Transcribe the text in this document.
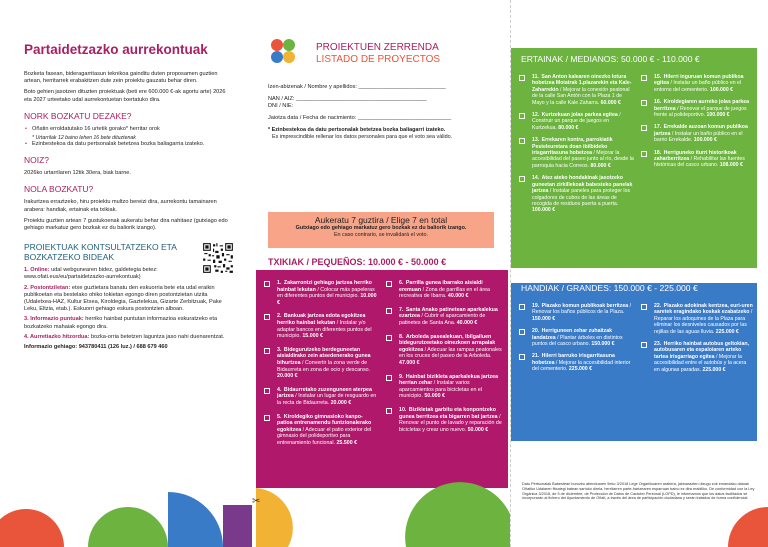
Partaidetzazko aurrekontuak
Bozketa fasean, bideragarritasun teknikoa gainditu duten proposamen guztien artean, herritarrek erabakitzen dute zein proiektu gauzatu behar diren.
Boto gehien jasotzen dituzten proiektuak (beti ere 600.000 €-ak agortu arte) 2026 eta 2027 urteetako udal aurrekontuetan txertatuko dira.
NORK BOZKATU DEZAKE?
• Oñatin erroldatutako 16 urtetik gorako* herritar orok
* Urtarrilak 12 baino lehen 16 bete dituztenak
• Ezinbestekoa da datu pertsonalak betetzea bozka baliagarria izateko.
NOIZ?
2026ko urtarrilaren 12tik 30era, biak barne.
NOLA BOZKATU?
Irakurtzea erraztzeko, hiru proiektu multzo bereizi dira, aurrekontu tamainaren arabera: handiak, ertainak eta txikiak.
Proiektu guztien artean 7 gustukoenak aukeratu behar dira nahitaez (gutxiago edo gehiago markatuz gero bozkak ez du baliorik izango).
PROIEKTUAK KONTSULTATZEKO ETA BOZKATZEKO BIDEAK
1. Online: udal webgunearen bidez, galdetegia betez: www.ofati.eus/eu/partaidetzazko-aurrekontuak)
2. Postontziletan: etxe guztietara banatu den eskuorria bete eta udal eraikin publikoetan eta bestelako ohiko tokietan egongo diren postontzietan utzita (Udaletxea-HAZ, Kultur Etxea, Kiroldegia, Gaztelekua, Gizarte Zerbitzuak, Pake Leku, Eltzia, etab.). Eskuorri gehiago eskura postontzien alboan.
3. Informazio puntuak: herriko hainbat puntutan informazioa eskuratzeko eta bozkatzeko mahaiak egongo dira.
4. Aurretiazko hitzordua: bozka-orria betetzen laguntza jaso nahi duenarentzat.
Informazio gehiago: 943780411 (126 luz.) / 688 679 460
PROIEKTUEN ZERRENDA
LISTADO DE PROYECTOS
Izen-abizenak / Nombre y apellidos: ____________________________
NAN / AIZ: __________________________________________
DNI / NIE:
Jaiotza data / Fecha de nacimiento: ______________________________
* Ezinbestekoa da datu pertsonalak betetzea bozka baliagarri izateko.
Es imprescindible rellenar los datos personales para que el voto sea válido.
Aukeratu 7 guztira / Elige 7 en total
Gutxiago edo gehiago markatuz gero bozkak ez du baliorik izango.
En caso contrario, se invalidará el voto.
TXIKIAK / PEQUEÑOS: 10.000 € - 50.000 €
1. Zakarrontzi gehiago jartzea herriko hainbat lekutan / Colocar más papeleras en diferentes puntos del municipio. 10.000 €
2. Bankuak jartzea edota egokitzea herriko hainbat lekutan / Instalar y/o adaptar bancos en diferentes puntos del municipio. 15.000 €
3. Bidegurutzeko berdeguneetan aisialdirako zein atsedenerako gunea bihurtzea / Convertir la zona verde de Bidaurreta en zona de ocio y descanso. 20.000 €
4. Bidaurretako zuzenguneen aterpea jartzea / Instalar un lugar de resguardo en la recta de Bidaurreta. 20.000 €
5. Kiroldegiko gimnasioko kanpo-patioa entrenamendu funtzionalerako egokitzea / Adecuar el patio exterior del gimnasio del polideportivo para entrenamiento funcional. 25.500 €
6. Parrilla gunea ibarrako aisialdi eremuan / Zona de parrillas en el área recreativa de Ibarra. 40.000 €
7. Santa Anako patinetean aparkalekua ezartzea / Cubrir el aparcamiento de patinetes de Santa Ana. 40.000 €
8. Arboleda pasealekuan, ibilgailuen bidegurutzeetako oinezkoen arrapalak egokitzea / Adecuar las rampas peatonales en los cruces del paseo de la Arboleda. 47.000 €
9. Hainbat bizikleta aparkalekua jartzea herrian zehar / Instalar varios aparcamientos para bicicletas en el municipio. 50.000 €
10. Bizikletak garbitu eta konpontzeko gunea berritzea eta bigarren bat jartzea / Renovar el punto de lavado y reparación de bicicletas y crear uno nuevo. 50.000 €
✂
ERTAINAK / MEDIANOS: 50.000 € - 110.000 €
11. San Anton kalearen oinezko lotura hobetzea Moiatrak 1.plazarekin eta Kale-Zaharrekin / Mejorar la conexión peatonal de la calle San Antón con la Plaza 1 de Mayo y la calle Kale Zaharra. 60.000 €
12. Kurtzekuan jolas parkea egitea / Construir un parque de juegos en Kurtzekua. 80.000 €
13. Errekaren kontra, parrokiatik Pesteleuretara doan ibilbideko irisgarritasuna hobetzea / Mejorar la accesibilidad del paseo junto al río, desde la parroquia hacia Correos. 80.000 €
14. Atez ateko hondakinak jasotzeko guneetan zirkillekoak babesteko panelak jartzea / Instalar paneles para proteger los colgadores de cubos de las áreas de recogida de residuos puerta a puerta. 100.000 €
15. Hilerri inguruan komun publikoa egitea / Instalar un baño público en el entorno del cementerio. 100.000 €
16. Kiroldegiaren aurreko jolas parkea berritzea / Renovar el parque de juegos frente al polideportivo. 100.000 €
17. Errekalde auzoan komun publikoa jartzea / Instalar un baño público en el barrio Errekalde. 100.000 €
18. Herriguneko iturri historikoak zaharberritzea / Rehabilitar las fuentes históricas del casco urbano. 108.000 €
HANDIAK / GRANDES: 150.000 € - 225.000 €
19. Plazako komun publikoak berritzea / Renovar los baños públicos de la Plaza. 150.000 €
20. Herriguneen zehar zuhaitzak landatzea / Plantar árboles en distintos puntos del casco urbano. 150.000 €
21. Hilerri barruko irisgarritasuna hobetzea / Mejorar la accesibilidad interior del cementerio. 225.000 €
22. Plazako adokinak kentzea, euri-uren saretek eragindako koskak ezabatzeko / Reparar los adoquines de la Plaza para eliminar los desniveles causados por las rejillas de las aguas lluvia. 225.000 €
23. Herriko hainbat autobus geltokian, autobusaren eta espaloiaren arteko tartea irisgarriago egitea / Mejorar la accesibilidad entre el autobús y la acera en algunas paradas. 225.000 €
Datu Pertsonalak Babesteari buruzko abenduaren 5eko 3/2018 Lege Organikoaren arabera, jakinarazten dizugu zuk emandako datuak Oñatiko Udalaren fitxategi batean sartuko direla, herritarren parte-hartzearen esparruan baino ez dira erabiliko. De conformidad con la Ley Orgánica 3/2018, de 5 de diciembre, de Protección de Datos de Carácter Personal (LOPD), le informamos que los datos facilitados se incorporarán al fichero del Ayuntamiento de Oñati, a través del área de participación ciudadana y serán tratados de forma confidencial.
